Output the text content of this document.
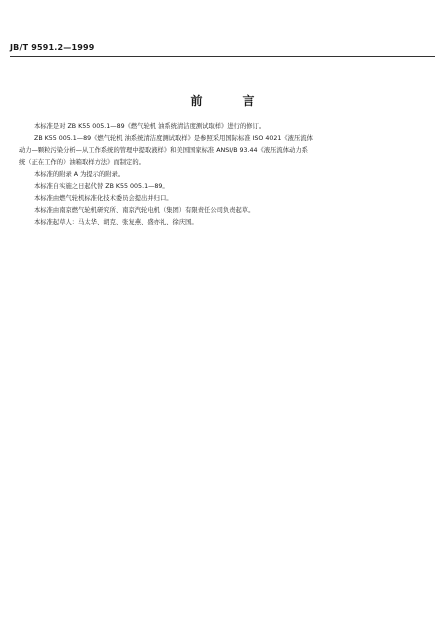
JB/T 9591.2—1999
前言

本标准是对 ZB K55 005.1—89《燃气轮机 油系统清洁度测试取样》进行的修订。

ZB K55 005.1—89《燃气轮机 油系统清洁度测试取样》是参照采用国际标准 ISO 4021《液压流体
动力—颗粒污染分析—从工作系统的管理中提取液样》和美国国家标准 ANSI/B 93.44《液压流体动力系
统（正在工作的）油箱取样方法》而制定的。

本标准的附录 A 为提示的附录。

本标准自实施之日起代替 ZB K55 005.1—89。

本标准由燃气轮机标准化技术委员会提出并归口。

本标准由南京燃气轮机研究所、南京汽轮电机（集团）有限责任公司负责起草。

本标准起草人：马太华、胡克、张复燕、盛亦礼、徐庆国。
